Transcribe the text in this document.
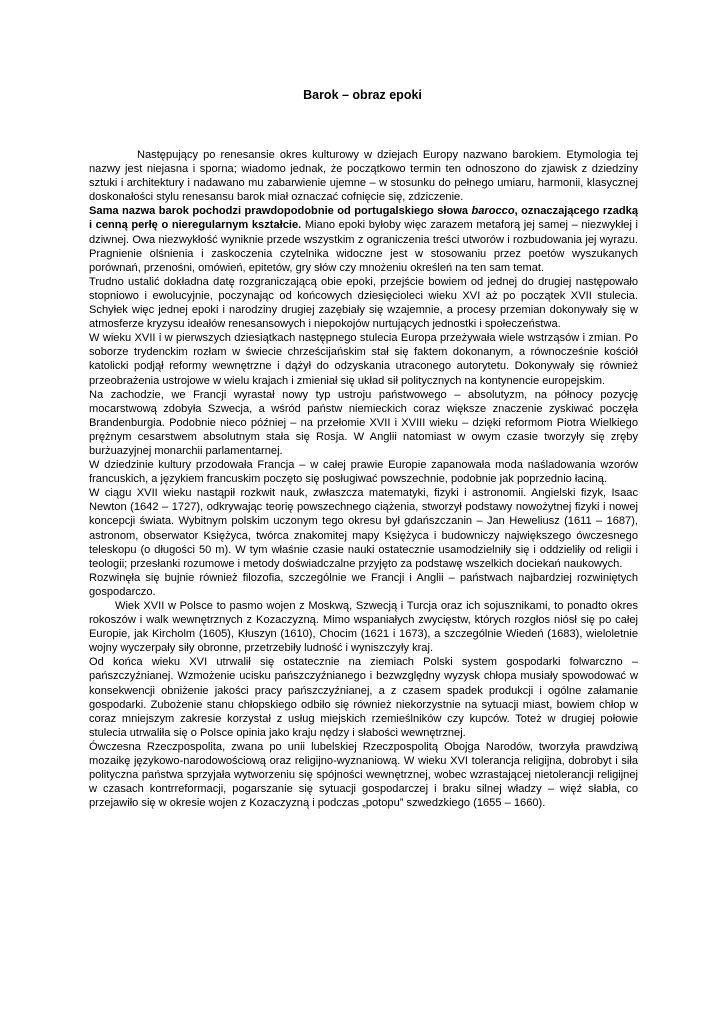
Barok – obraz epoki

Następujący po renesansie okres kulturowy w dziejach Europy nazwano barokiem. Etymologia tej nazwy jest niejasna i sporna; wiadomo jednak, że początkowo termin ten odnoszono do zjawisk z dziedziny sztuki i architektury i nadawano mu zabarwienie ujemne – w stosunku do pełnego umiaru, harmonii, klasycznej doskonałości stylu renesansu barok miał oznaczać cofnięcie się, zdziczenie.

Sama nazwa barok pochodzi prawdopodobnie od portugalskiego słowa barocco, oznaczającego rzadką i cenną perłę o nieregularnym kształcie. Miano epoki byłoby więc zarazem metaforą jej samej – niezwykłej i dziwnej. Owa niezwykłość wyniknie przede wszystkim z ograniczenia treści utworów i rozbudowania jej wyrazu. Pragnienie olśnienia i zaskoczenia czytelnika widoczne jest w stosowaniu przez poetów wyszukanych porównań, przenośni, omówień, epitetów, gry słów czy mnożeniu określeń na ten sam temat.

Trudno ustalić dokładna datę rozgraniczającą obie epoki, przejście bowiem od jednej do drugiej następowało stopniowo i ewolucyjnie, poczynając od końcowych dziesięcioleci wieku XVI aż po początek XVII stulecia. Schyłek więc jednej epoki i narodziny drugiej zazębiały się wzajemnie, a procesy przemian dokonywały się w atmosferze kryzysu ideałów renesansowych i niepokojów nurtujących jednostki i społeczeństwa.

W wieku XVII i w pierwszych dziesiątkach następnego stulecia Europa przeżywała wiele wstrząsów i zmian. Po soborze trydenckim rozłam w świecie chrześcijańskim stał się faktem dokonanym, a równocześnie kościół katolicki podjął reformy wewnętrzne i dążył do odzyskania utraconego autorytetu. Dokonywały się również przeobrażenia ustrojowe w wielu krajach i zmieniał się układ sił politycznych na kontynencie europejskim.

Na zachodzie, we Francji wyrastał nowy typ ustroju państwowego – absolutyzm, na północy pozycję mocarstwową zdobyła Szwecja, a wśród państw niemieckich coraz większe znaczenie zyskiwać poczęła Brandenburgia. Podobnie nieco później – na przełomie XVII i XVIII wieku – dzięki reformom Piotra Wielkiego prężnym cesarstwem absolutnym stała się Rosja. W Anglii natomiast w owym czasie tworzyły się zręby burżuazyjnej monarchii parlamentarnej.

W dziedzinie kultury przodowała Francja – w całej prawie Europie zapanowała moda naśladowania wzorów francuskich, a językiem francuskim poczęto się posługiwać powszechnie, podobnie jak poprzednio łaciną.

W ciągu XVII wieku nastąpił rozkwit nauk, zwłaszcza matematyki, fizyki i astronomii. Angielski fizyk, Isaac Newton (1642 – 1727), odkrywając teorię powszechnego ciążenia, stworzył podstawy nowożytnej fizyki i nowej koncepcji świata. Wybitnym polskim uczonym tego okresu był gdańszczanin – Jan Heweliusz (1611 – 1687), astronom, obserwator Księżyca, twórca znakomitej mapy Księżyca i budowniczy największego ówczesnego teleskopu (o długości 50 m). W tym właśnie czasie nauki ostatecznie usamodzielniły się i oddzieliły od religii i teologii; przesłanki rozumowe i metody doświadczalne przyjęto za podstawę wszelkich dociekań naukowych.

Rozwinęła się bujnie również filozofia, szczególnie we Francji i Anglii – państwach najbardziej rozwiniętych gospodarczo.

Wiek XVII w Polsce to pasmo wojen z Moskwą, Szwecją i Turcja oraz ich sojusznikami, to ponadto okres rokoszów i walk wewnętrznych z Kozaczyzną. Mimo wspaniałych zwycięstw, których rozgłos niósł się po całej Europie, jak Kircholm (1605), Kłuszyn (1610), Chocim (1621 i 1673), a szczególnie Wiedeń (1683), wieloletnie wojny wyczerpały siły obronne, przetrzebiły ludność i wyniszczyły kraj.

Od końca wieku XVI utrwalił się ostatecznie na ziemiach Polski system gospodarki folwarczno – pańszczyźnianej. Wzmożenie ucisku pańszczyźnianego i bezwzględny wyzysk chłopa musiały spowodować w konsekwencji obniżenie jakości pracy pańszczyźnianej, a z czasem spadek produkcji i ogólne załamanie gospodarki. Zubożenie stanu chłopskiego odbiło się również niekorzystnie na sytuacji miast, bowiem chłop w coraz mniejszym zakresie korzystał z usług miejskich rzemieślników czy kupców. Toteż w drugiej połowie stulecia utrwaliła się o Polsce opinia jako kraju nędzy i słabości wewnętrznej.

Ówczesna Rzeczpospolita, zwana po unii lubelskiej Rzeczpospolitą Obojga Narodów, tworzyła prawdziwą mozaikę językowo-narodowościową oraz religijno-wyznaniową. W wieku XVI tolerancja religijna, dobrobyt i siła polityczna państwa sprzyjała wytworzeniu się spójności wewnętrznej, wobec wzrastającej nietolerancji religijnej w czasach kontrreformacji, pogarszanie się sytuacji gospodarczej i braku silnej władzy – więź słabła, co przejawiło się w okresie wojen z Kozaczyzną i podczas „potopu” szwedzkiego (1655 – 1660).
